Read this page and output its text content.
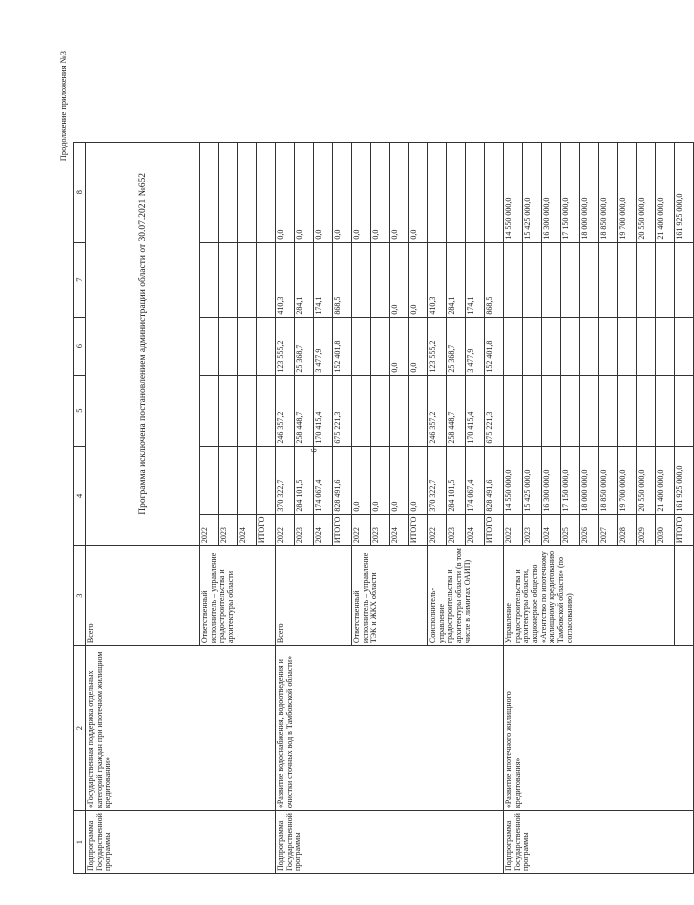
6
Продолжение приложения №3
1	2	3	4		5	6	7	8
Подпрограмма Государственной программы	«Государственная поддержка отдельных категорий граждан при ипотечном жилищном кредитовании»	Всего	Программа исключена постановлением администрации области от 30.07.2021 №652					
		Ответственный исполнитель – управление градостроительства и архитектуры области	2022					
			2023					
			2024					
			ИТОГО					
Подпрограмма Государственной программы	«Развитие водоснабжения, водоотведения и очистки сточных вод в Тамбовской области»	Всего	2022	370 322,7	246 357,2	123 555,2	410,3	0,0
			2023	284 101,5	258 448,7	25 368,7	284,1	0,0
			2024	174 067,4	170 415,4	3 477,9	174,1	0,0
			ИТОГО	828 491,6	675 221,3	152 401,8	868,5	0,0
		Ответственный исполнитель – управление ТЭК и ЖКХ области	2022	0,0				0,0
			2023	0,0				0,0
			2024	0,0		0,0	0,0	0,0
			ИТОГО	0,0		0,0	0,0	0,0
		Соисполнитель- управление градостроительства и архитектуры области (в том числе в лимитах ОАИП)	2022	370 322,7	246 357,2	123 555,2	410,3	
			2023	284 101,5	258 448,7	25 368,7	284,1	
			2024	174 067,4	170 415,4	3 477,9	174,1	
			ИТОГО	828 491,6	675 221,3	152 401,8	868,5	
Подпрограмма Государственной программы	«Развитие ипотечного жилищного кредитования»	Управление градостроительства и архитектуры области, акционерное общество «Агентство по ипотечному жилищному кредитованию Тамбовской области» (по согласованию)	2022	14 550 000,0				14 550 000,0
			2023	15 425 000,0				15 425 000,0
			2024	16 300 000,0				16 300 000,0
			2025	17 150 000,0				17 150 000,0
			2026	18 000 000,0				18 000 000,0
			2027	18 850 000,0				18 850 000,0
			2028	19 700 000,0				19 700 000,0
			2029	20 550 000,0				20 550 000,0
			2030	21 400 000,0				21 400 000,0
			ИТОГО	161 925 000,0				161 925 000,0
